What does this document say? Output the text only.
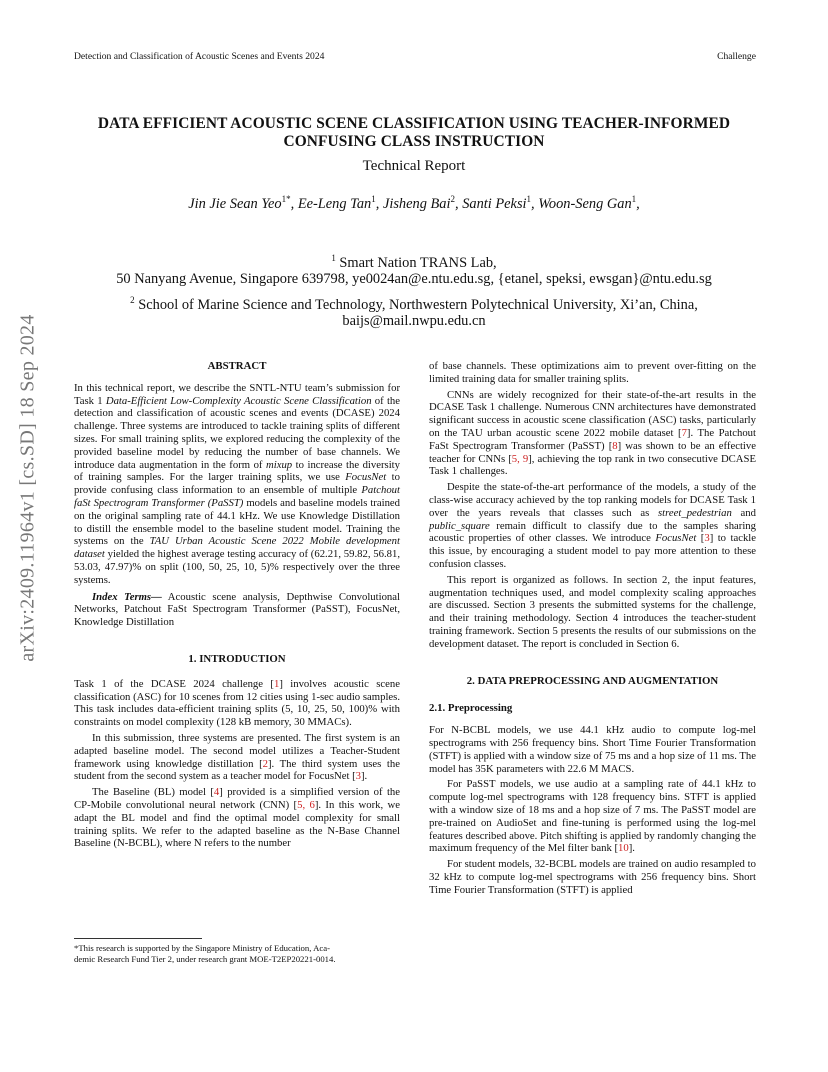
Detection and Classification of Acoustic Scenes and Events 2024	Challenge
arXiv:2409.11964v1 [cs.SD] 18 Sep 2024
DATA EFFICIENT ACOUSTIC SCENE CLASSIFICATION USING TEACHER-INFORMED
CONFUSING CLASS INSTRUCTION
Technical Report
Jin Jie Sean Yeo$^{1*}$, Ee-Leng Tan$^1$, Jisheng Bai$^2$, Santi Peksi$^1$, Woon-Seng Gan$^1$,
$^1$ Smart Nation TRANS Lab,
50 Nanyang Avenue, Singapore 639798, ye0024an@e.ntu.edu.sg, {etanel, speksi, ewsgan}@ntu.edu.sg
$^2$ School of Marine Science and Technology, Northwestern Polytechnical University, Xi’an, China,
baijs@mail.nwpu.edu.cn
ABSTRACT

In this technical report, we describe the SNTL-NTU team’s submission for Task 1 Data-Efficient Low-Complexity Acoustic Scene Classification of the detection and classification of acoustic scenes and events (DCASE) 2024 challenge. Three systems are introduced to tackle training splits of different sizes. For small training splits, we explored reducing the complexity of the provided baseline model by reducing the number of base channels. We introduce data augmentation in the form of mixup to increase the diversity of training samples. For the larger training splits, we use FocusNet to provide confusing class information to an ensemble of multiple Patchout faSt Spectrogram Transformer (PaSST) models and baseline models trained on the original sampling rate of 44.1 kHz. We use Knowledge Distillation to distill the ensemble model to the baseline student model. Training the systems on the TAU Urban Acoustic Scene 2022 Mobile development dataset yielded the highest average testing accuracy of (62.21, 59.82, 56.81, 53.03, 47.97)% on split (100, 50, 25, 10, 5)% respectively over the three systems.

Index Terms— Acoustic scene analysis, Depthwise Convolutional Networks, Patchout FaSt Spectrogram Transformer (PaSST), FocusNet, Knowledge Distillation

1. INTRODUCTION

Task 1 of the DCASE 2024 challenge [1] involves acoustic scene classification (ASC) for 10 scenes from 12 cities using 1-sec audio samples. This task includes data-efficient training splits (5, 10, 25, 50, 100)% with constraints on model complexity (128 kB memory, 30 MMACs).

In this submission, three systems are presented. The first system is an adapted baseline model. The second model utilizes a Teacher-Student framework using knowledge distillation [2]. The third system uses the student from the second system as a teacher model for FocusNet [3].

The Baseline (BL) model [4] provided is a simplified version of the CP-Mobile convolutional neural network (CNN) [5, 6]. In this work, we adapt the BL model and find the optimal model complexity for small training splits. We refer to the adapted baseline as the N-Base Channel Baseline (N-BCBL), where N refers to the number

*This research is supported by the Singapore Ministry of Education, Aca-
demic Research Fund Tier 2, under research grant MOE-T2EP20221-0014.

of base channels. These optimizations aim to prevent over-fitting on the limited training data for smaller training splits.

CNNs are widely recognized for their state-of-the-art results in the DCASE Task 1 challenge. Numerous CNN architectures have demonstrated significant success in acoustic scene classification (ASC) tasks, particularly on the TAU urban acoustic scene 2022 mobile dataset [7]. The Patchout FaSt Spectrogram Transformer (PaSST) [8] was shown to be an effective teacher for CNNs [5, 9], achieving the top rank in two consecutive DCASE Task 1 challenges.

Despite the state-of-the-art performance of the models, a study of the class-wise accuracy achieved by the top ranking models for DCASE Task 1 over the years reveals that classes such as street_pedestrian and public_square remain difficult to classify due to the samples sharing acoustic properties of other classes. We introduce FocusNet [3] to tackle this issue, by encouraging a student model to pay more attention to these confusion classes.

This report is organized as follows. In section 2, the input features, augmentation techniques used, and model complexity scaling approaches are discussed. Section 3 presents the submitted systems for the challenge, and their training methodology. Section 4 introduces the teacher-student training framework. Section 5 presents the results of our submissions on the development dataset. The report is concluded in Section 6.

2. DATA PREPROCESSING AND AUGMENTATION
2.1. Preprocessing

For N-BCBL models, we use 44.1 kHz audio to compute log-mel spectrograms with 256 frequency bins. Short Time Fourier Transformation (STFT) is applied with a window size of 75 ms and a hop size of 11 ms. The model has 35K parameters with 22.6 M MACS.

For PaSST models, we use audio at a sampling rate of 44.1 kHz to compute log-mel spectrograms with 128 frequency bins. STFT is applied with a window size of 18 ms and a hop size of 7 ms. The PaSST model are pre-trained on AudioSet and fine-tuning is performed using the log-mel features described above. Pitch shifting is applied by randomly changing the maximum frequency of the Mel filter bank [10].

For student models, 32-BCBL models are trained on audio resampled to 32 kHz to compute log-mel spectrograms with 256 frequency bins. Short Time Fourier Transformation (STFT) is applied
